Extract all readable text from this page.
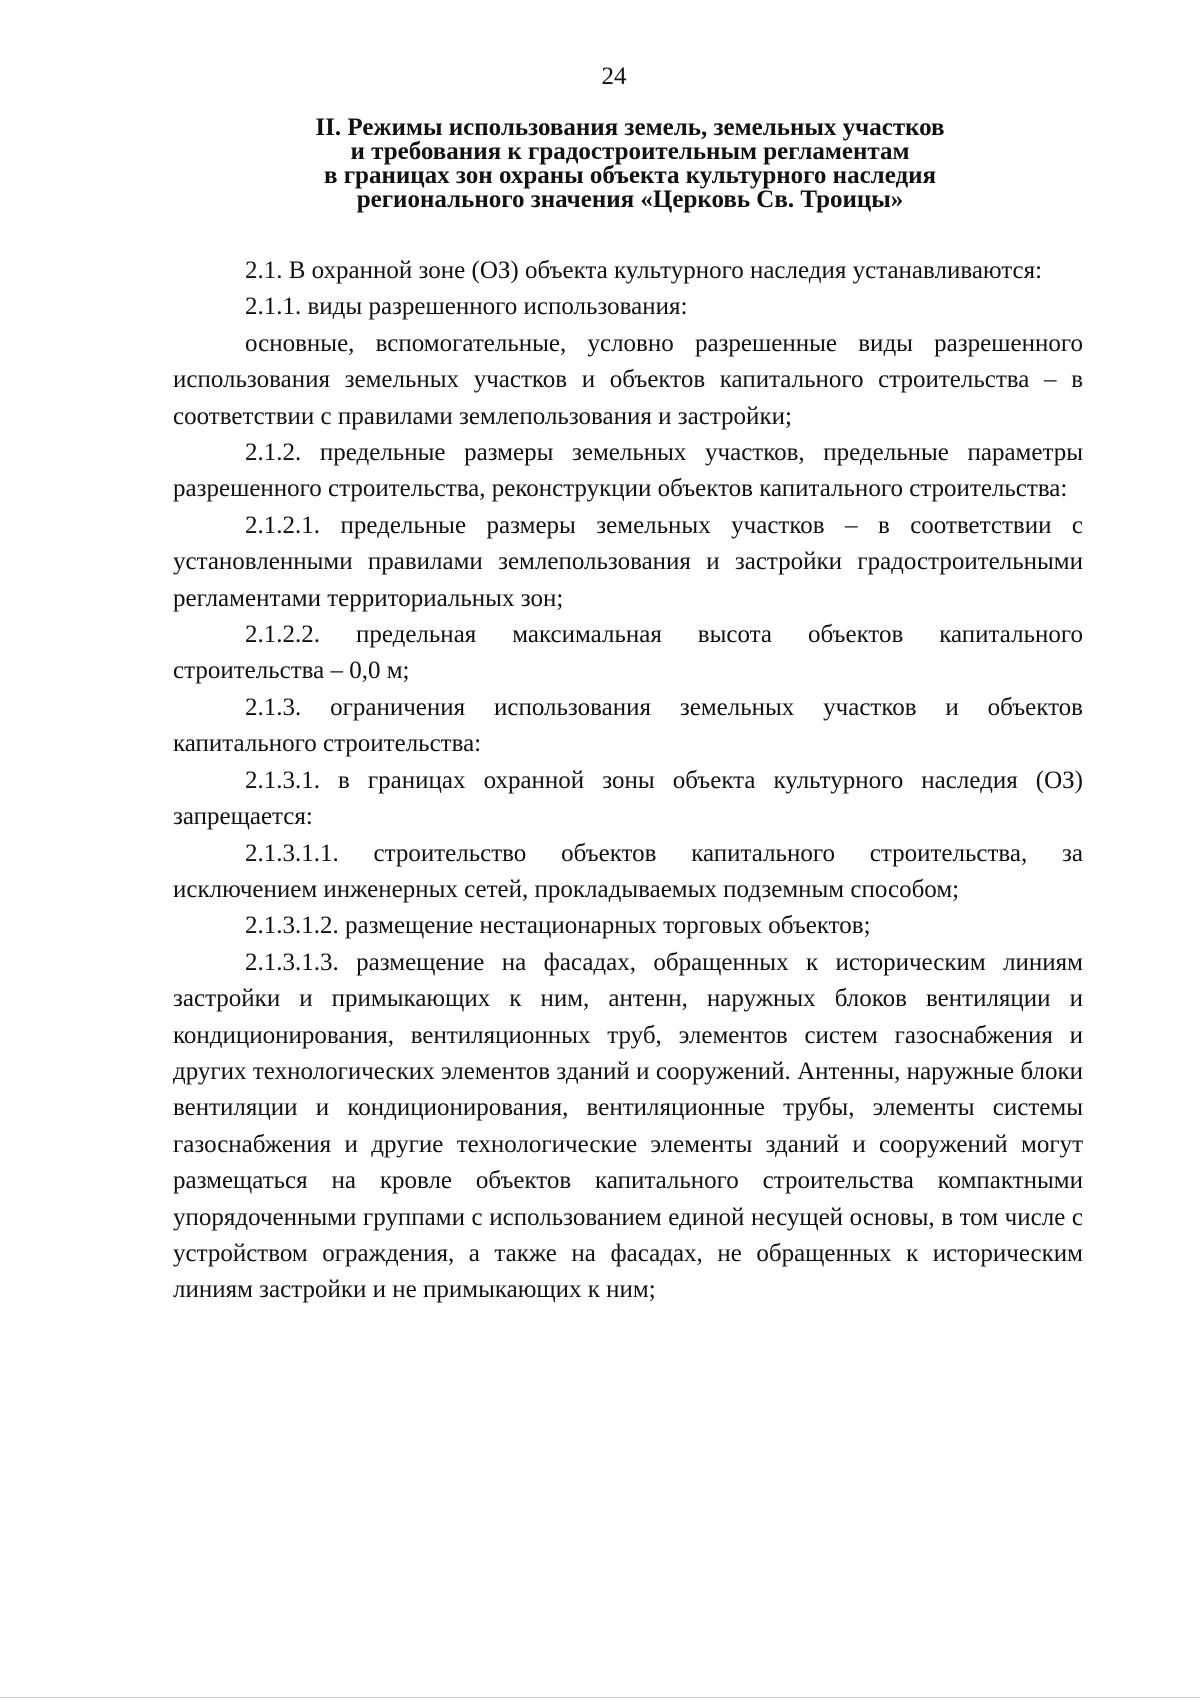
24
II. Режимы использования земель, земельных участков
и требования к градостроительным регламентам
в границах зон охраны объекта культурного наследия
регионального значения «Церковь Св. Троицы»

2.1. В охранной зоне (ОЗ) объекта культурного наследия устанавливаются:

2.1.1. виды разрешенного использования:

основные, вспомогательные, условно разрешенные виды разрешенного использования земельных участков и объектов капитального строительства – в соответствии с правилами землепользования и застройки;

2.1.2. предельные размеры земельных участков, предельные параметры разрешенного строительства, реконструкции объектов капитального строительства:

2.1.2.1. предельные размеры земельных участков – в соответствии с установленными правилами землепользования и застройки градостроительными регламентами территориальных зон;

2.1.2.2. предельная максимальная высота объектов капитального строительства – 0,0 м;

2.1.3. ограничения использования земельных участков и объектов капитального строительства:

2.1.3.1. в границах охранной зоны объекта культурного наследия (ОЗ) запрещается:

2.1.3.1.1. строительство объектов капитального строительства, за исключением инженерных сетей, прокладываемых подземным способом;

2.1.3.1.2. размещение нестационарных торговых объектов;

2.1.3.1.3. размещение на фасадах, обращенных к историческим линиям застройки и примыкающих к ним, антенн, наружных блоков вентиляции и кондиционирования, вентиляционных труб, элементов систем газоснабжения и других технологических элементов зданий и сооружений. Антенны, наружные блоки вентиляции и кондиционирования, вентиляционные трубы, элементы системы газоснабжения и другие технологические элементы зданий и сооружений могут размещаться на кровле объектов капитального строительства компактными упорядоченными группами с использованием единой несущей основы, в том числе с устройством ограждения, а также на фасадах, не обращенных к историческим линиям застройки и не примыкающих к ним;
